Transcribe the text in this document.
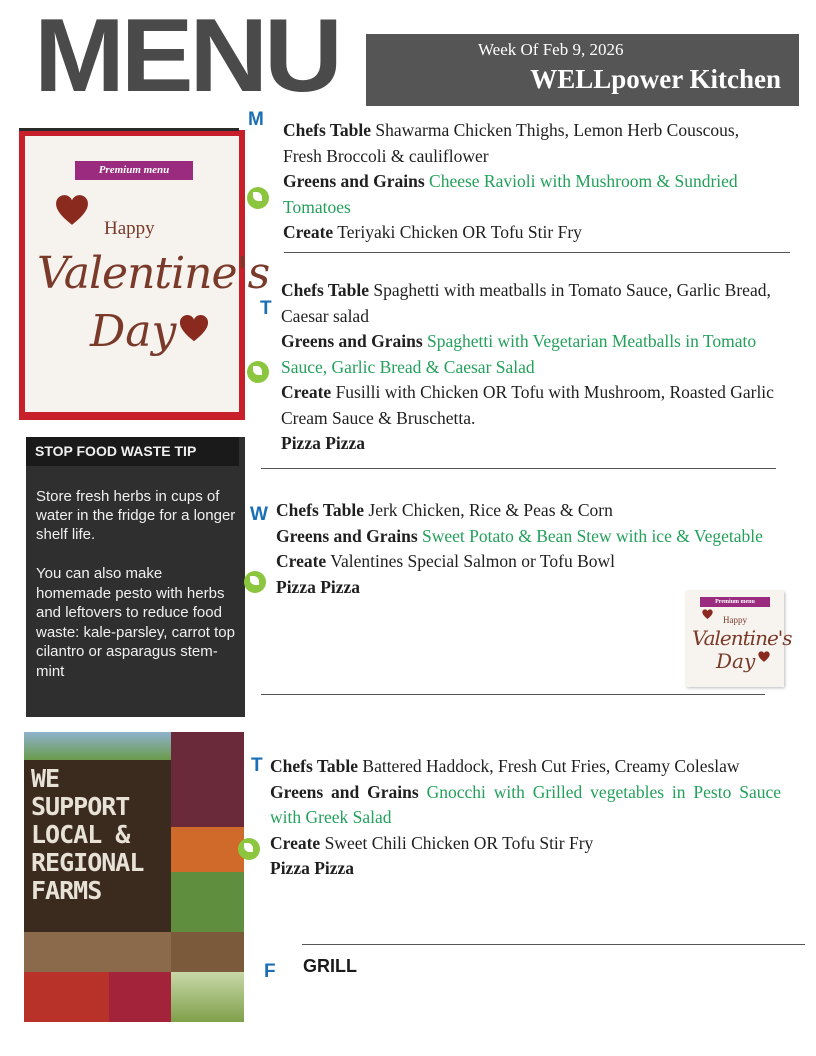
MENU	Week Of Feb 9, 2026
WELLpower Kitchen
Premium menu
Happy
Valentine's
Day
STOP FOOD WASTE TIP
Store fresh herbs in cups of water in the fridge for a longer shelf life.
You can also make homemade pesto with herbs and leftovers to reduce food waste: kale-parsley, carrot top cilantro or asparagus stem-mint
WE
SUPPORT
LOCAL &
REGIONAL
FARMS
M Chefs Table Shawarma Chicken Thighs, Lemon Herb Couscous, Fresh Broccoli & cauliflower
Greens and Grains Cheese Ravioli with Mushroom & Sundried Tomatoes
Create Teriyaki Chicken OR Tofu Stir Fry
T
Chefs Table Spaghetti with meatballs in Tomato Sauce, Garlic Bread, Caesar salad
Greens and Grains Spaghetti with Vegetarian Meatballs in Tomato Sauce, Garlic Bread & Caesar Salad
Create Fusilli with Chicken OR Tofu with Mushroom, Roasted Garlic Cream Sauce & Bruschetta.
Pizza Pizza
W Chefs Table Jerk Chicken, Rice & Peas & Corn
Greens and Grains Sweet Potato & Bean Stew with ice & Vegetable
Create Valentines Special Salmon or Tofu Bowl
Pizza Pizza
Premium menu
Happy
Valentine's
Day
T Chefs Table Battered Haddock, Fresh Cut Fries, Creamy Coleslaw
Greens and Grains Gnocchi with Grilled vegetables in Pesto Sauce with Greek Salad
Create Sweet Chili Chicken OR Tofu Stir Fry
Pizza Pizza
F GRILL
